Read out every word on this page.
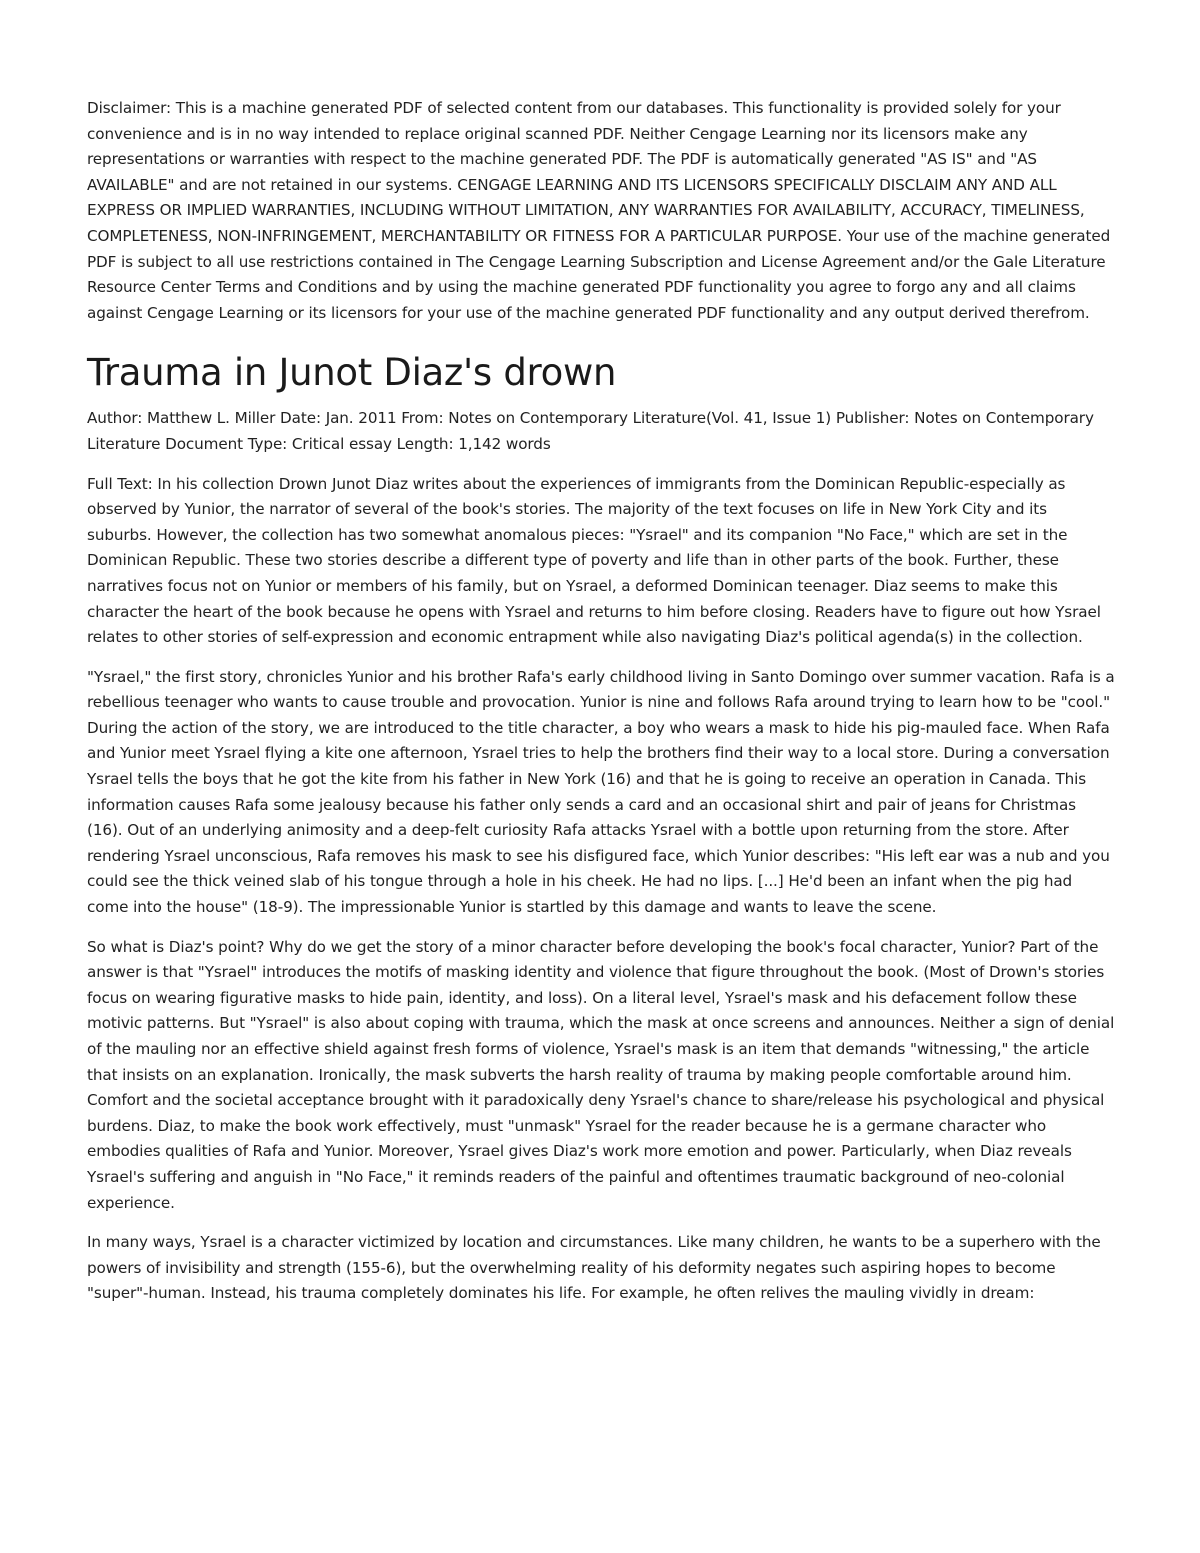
Disclaimer: This is a machine generated PDF of selected content from our databases. This functionality is provided solely for your convenience and is in no way intended to replace original scanned PDF. Neither Cengage Learning nor its licensors make any representations or warranties with respect to the machine generated PDF. The PDF is automatically generated "AS IS" and "AS AVAILABLE" and are not retained in our systems. CENGAGE LEARNING AND ITS LICENSORS SPECIFICALLY DISCLAIM ANY AND ALL EXPRESS OR IMPLIED WARRANTIES, INCLUDING WITHOUT LIMITATION, ANY WARRANTIES FOR AVAILABILITY, ACCURACY, TIMELINESS, COMPLETENESS, NON-INFRINGEMENT, MERCHANTABILITY OR FITNESS FOR A PARTICULAR PURPOSE. Your use of the machine generated PDF is subject to all use restrictions contained in The Cengage Learning Subscription and License Agreement and/or the Gale Literature Resource Center Terms and Conditions and by using the machine generated PDF functionality you agree to forgo any and all claims against Cengage Learning or its licensors for your use of the machine generated PDF functionality and any output derived therefrom.

Trauma in Junot Diaz's drown

Author: Matthew L. Miller Date: Jan. 2011 From: Notes on Contemporary Literature(Vol. 41, Issue 1) Publisher: Notes on Contemporary Literature Document Type: Critical essay Length: 1,142 words

Full Text: In his collection Drown Junot Diaz writes about the experiences of immigrants from the Dominican Republic-especially as observed by Yunior, the narrator of several of the book's stories. The majority of the text focuses on life in New York City and its suburbs. However, the collection has two somewhat anomalous pieces: "Ysrael" and its companion "No Face," which are set in the Dominican Republic. These two stories describe a different type of poverty and life than in other parts of the book. Further, these narratives focus not on Yunior or members of his family, but on Ysrael, a deformed Dominican teenager. Diaz seems to make this character the heart of the book because he opens with Ysrael and returns to him before closing. Readers have to figure out how Ysrael relates to other stories of self-expression and economic entrapment while also navigating Diaz's political agenda(s) in the collection.

"Ysrael," the first story, chronicles Yunior and his brother Rafa's early childhood living in Santo Domingo over summer vacation. Rafa is a rebellious teenager who wants to cause trouble and provocation. Yunior is nine and follows Rafa around trying to learn how to be "cool." During the action of the story, we are introduced to the title character, a boy who wears a mask to hide his pig-mauled face. When Rafa and Yunior meet Ysrael flying a kite one afternoon, Ysrael tries to help the brothers find their way to a local store. During a conversation Ysrael tells the boys that he got the kite from his father in New York (16) and that he is going to receive an operation in Canada. This information causes Rafa some jealousy because his father only sends a card and an occasional shirt and pair of jeans for Christmas (16). Out of an underlying animosity and a deep-felt curiosity Rafa attacks Ysrael with a bottle upon returning from the store. After rendering Ysrael unconscious, Rafa removes his mask to see his disfigured face, which Yunior describes: "His left ear was a nub and you could see the thick veined slab of his tongue through a hole in his cheek. He had no lips. [...] He'd been an infant when the pig had come into the house" (18-9). The impressionable Yunior is startled by this damage and wants to leave the scene.

So what is Diaz's point? Why do we get the story of a minor character before developing the book's focal character, Yunior? Part of the answer is that "Ysrael" introduces the motifs of masking identity and violence that figure throughout the book. (Most of Drown's stories focus on wearing figurative masks to hide pain, identity, and loss). On a literal level, Ysrael's mask and his defacement follow these motivic patterns. But "Ysrael" is also about coping with trauma, which the mask at once screens and announces. Neither a sign of denial of the mauling nor an effective shield against fresh forms of violence, Ysrael's mask is an item that demands "witnessing," the article that insists on an explanation. Ironically, the mask subverts the harsh reality of trauma by making people comfortable around him. Comfort and the societal acceptance brought with it paradoxically deny Ysrael's chance to share/release his psychological and physical burdens. Diaz, to make the book work effectively, must "unmask" Ysrael for the reader because he is a germane character who embodies qualities of Rafa and Yunior. Moreover, Ysrael gives Diaz's work more emotion and power. Particularly, when Diaz reveals Ysrael's suffering and anguish in "No Face," it reminds readers of the painful and oftentimes traumatic background of neo-colonial experience.

In many ways, Ysrael is a character victimized by location and circumstances. Like many children, he wants to be a superhero with the powers of invisibility and strength (155-6), but the overwhelming reality of his deformity negates such aspiring hopes to become "super"-human. Instead, his trauma completely dominates his life. For example, he often relives the mauling vividly in dream:
